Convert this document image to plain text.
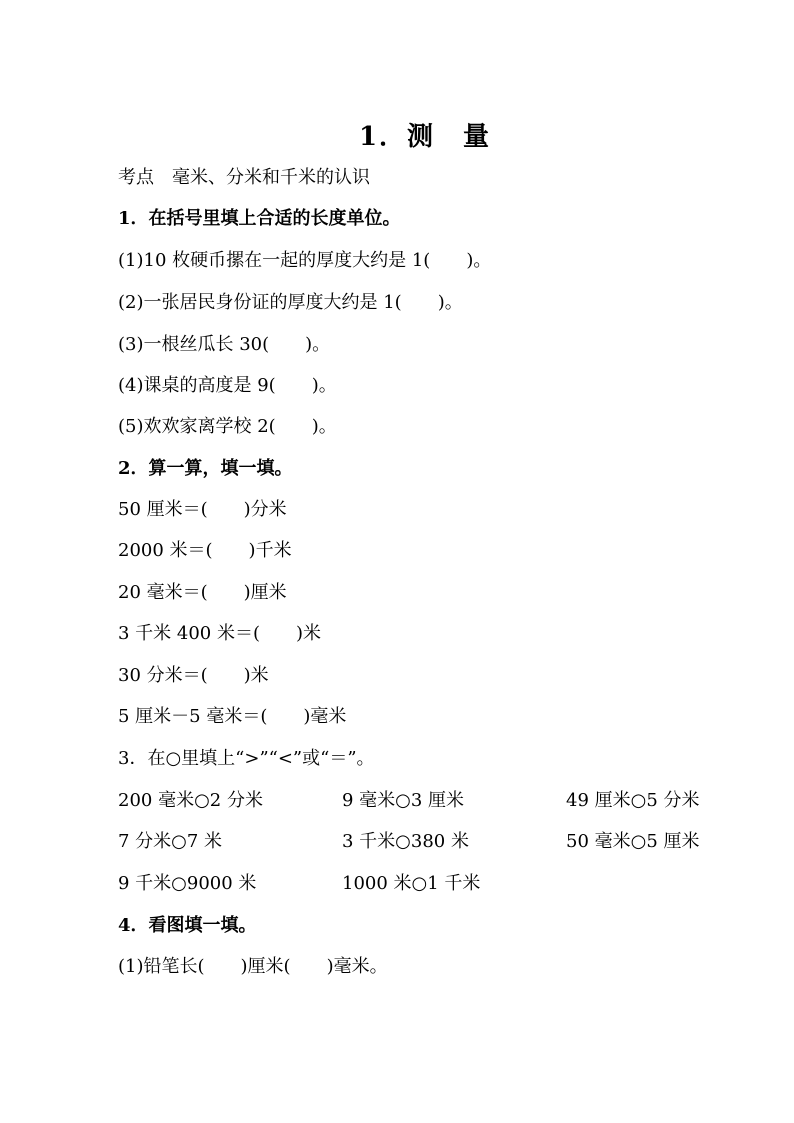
1．测　量
考点　毫米、分米和千米的认识
1．在括号里填上合适的长度单位。
(1)10 枚硬币摞在一起的厚度大约是 1(　　)。
(2)一张居民身份证的厚度大约是 1(　　)。
(3)一根丝瓜长 30(　　)。
(4)课桌的高度是 9(　　)。
(5)欢欢家离学校 2(　　)。
2．算一算，填一填。
50 厘米＝(　　)分米
2000 米＝(　　)千米
20 毫米＝(　　)厘米
3 千米 400 米＝(　　)米
30 分米＝(　　)米
5 厘米－5 毫米＝(　　)毫米
3．在○里填上“>”“<”或“＝”。
200 毫米○2 分米	9 毫米○3 厘米	49 厘米○5 分米
7 分米○7 米	3 千米○380 米	50 毫米○5 厘米
9 千米○9000 米	1000 米○1 千米
4．看图填一填。
(1)铅笔长(　　)厘米(　　)毫米。
